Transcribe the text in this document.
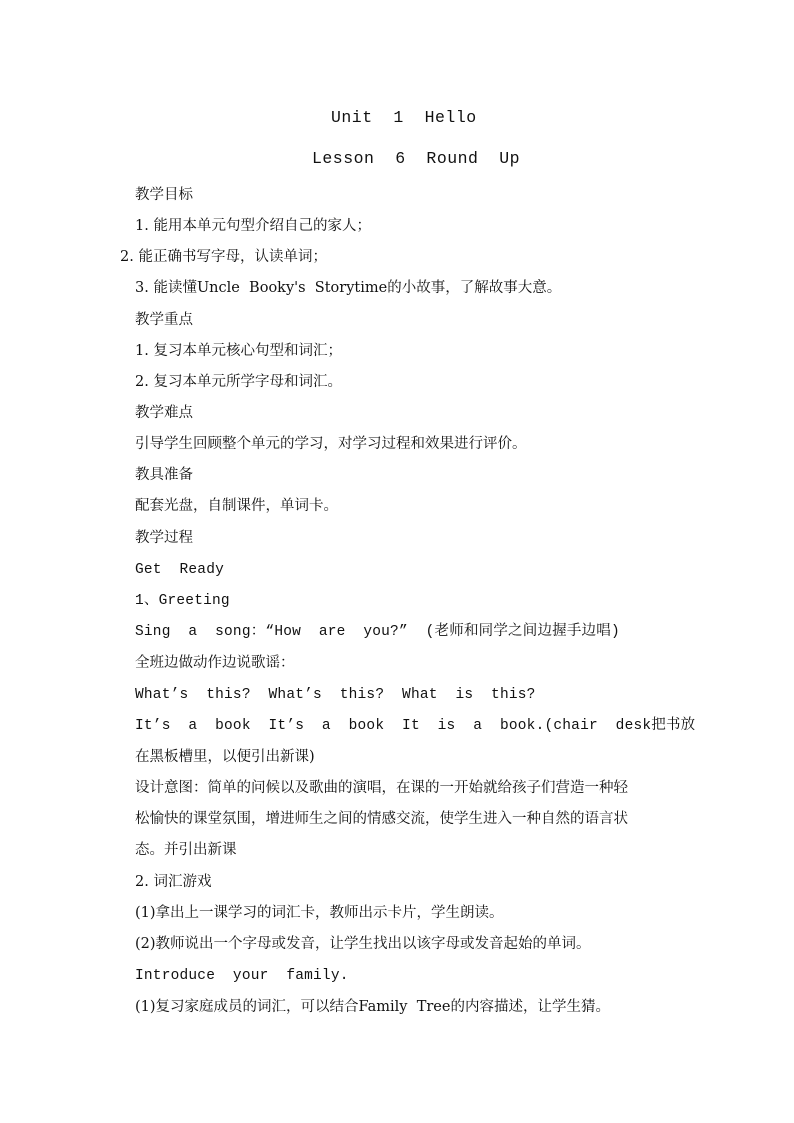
Unit  1  Hello
Lesson  6  Round  Up
教学目标
1. 能用本单元句型介绍自己的家人；
2. 能正确书写字母，认读单词；
3. 能读懂Uncle  Booky's  Storytime的小故事，了解故事大意。
教学重点
1. 复习本单元核心句型和词汇；
2. 复习本单元所学字母和词汇。
教学难点
引导学生回顾整个单元的学习，对学习过程和效果进行评价。
教具准备
配套光盘，自制课件，单词卡。
教学过程
Get  Ready
1、Greeting
Sing  a  song：“How  are  you?”  (老师和同学之间边握手边唱)
全班边做动作边说歌谣：
What’s  this?  What’s  this?  What  is  this?
It’s  a  book  It’s  a  book  It  is  a  book.(chair  desk把书放
在黑板槽里，以便引出新课)
设计意图：简单的问候以及歌曲的演唱，在课的一开始就给孩子们营造一种轻
松愉快的课堂氛围，增进师生之间的情感交流，使学生进入一种自然的语言状
态。并引出新课
2. 词汇游戏
(1)拿出上一课学习的词汇卡，教师出示卡片，学生朗读。
(2)教师说出一个字母或发音，让学生找出以该字母或发音起始的单词。
Introduce  your  family.
(1)复习家庭成员的词汇，可以结合Family  Tree的内容描述，让学生猜。
